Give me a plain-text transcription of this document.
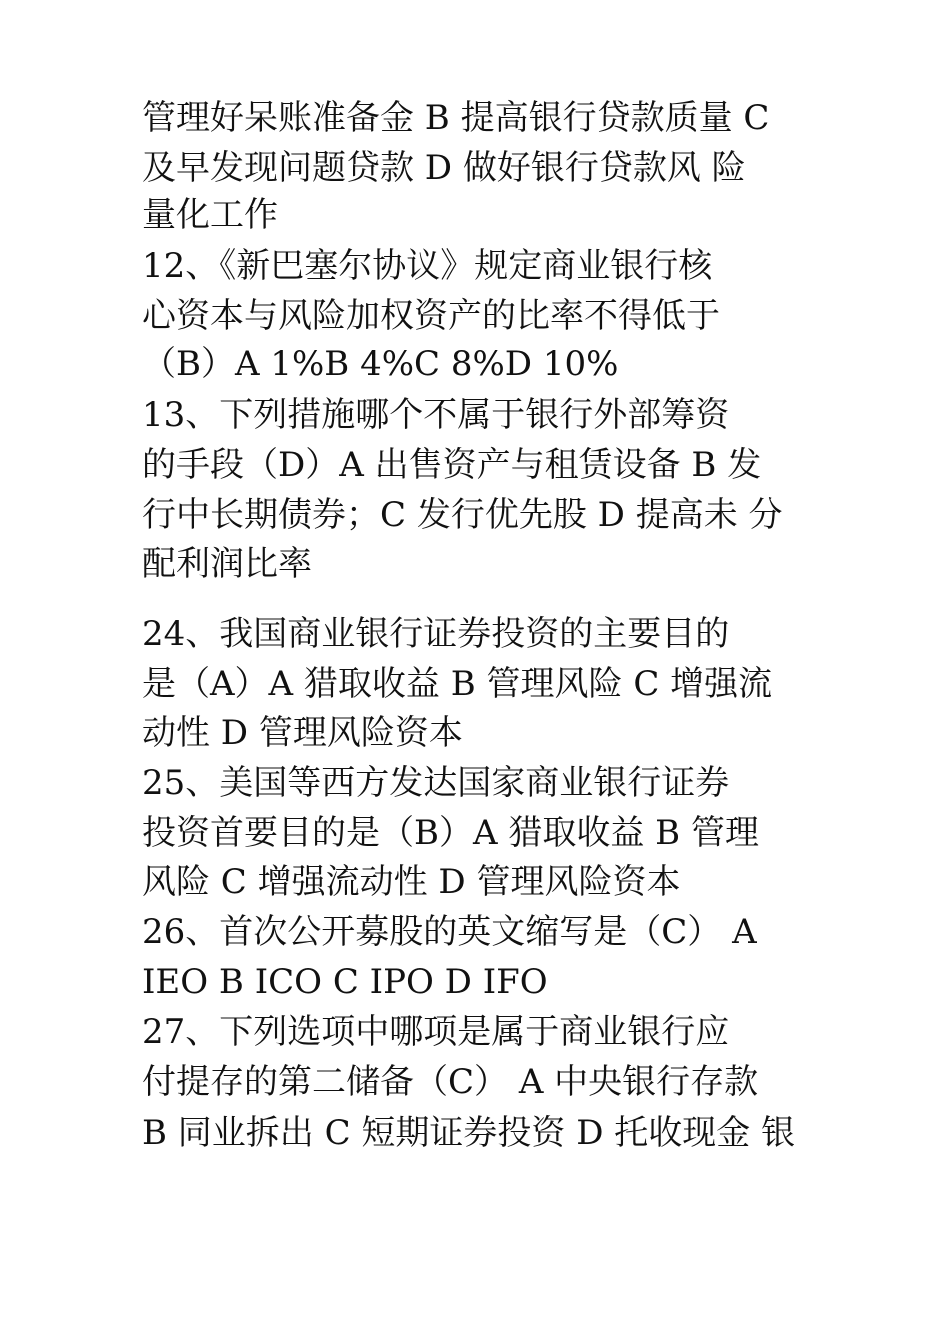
管理好呆账准备金 B 提高银行贷款质量 C
及早发现问题贷款 D 做好银行贷款风 险
量化工作
12、《新巴塞尔协议》规定商业银行核
心资本与风险加权资产的比率不得低于
（B）A 1%B 4%C 8%D 10%
13、下列措施哪个不属于银行外部筹资
的手段（D）A 出售资产与租赁设备 B 发
行中长期债券；C 发行优先股 D 提高未 分
配利润比率
24、我国商业银行证券投资的主要目的
是（A）A 猎取收益 B 管理风险 C 增强流
动性 D 管理风险资本
25、美国等西方发达国家商业银行证券
投资首要目的是（B）A 猎取收益 B 管理
风险 C 增强流动性 D 管理风险资本
26、首次公开募股的英文缩写是（C） A
IEO B ICO C IPO D IFO
27、下列选项中哪项是属于商业银行应
付提存的第二储备（C） A 中央银行存款
B 同业拆出 C 短期证券投资 D 托收现金 银
